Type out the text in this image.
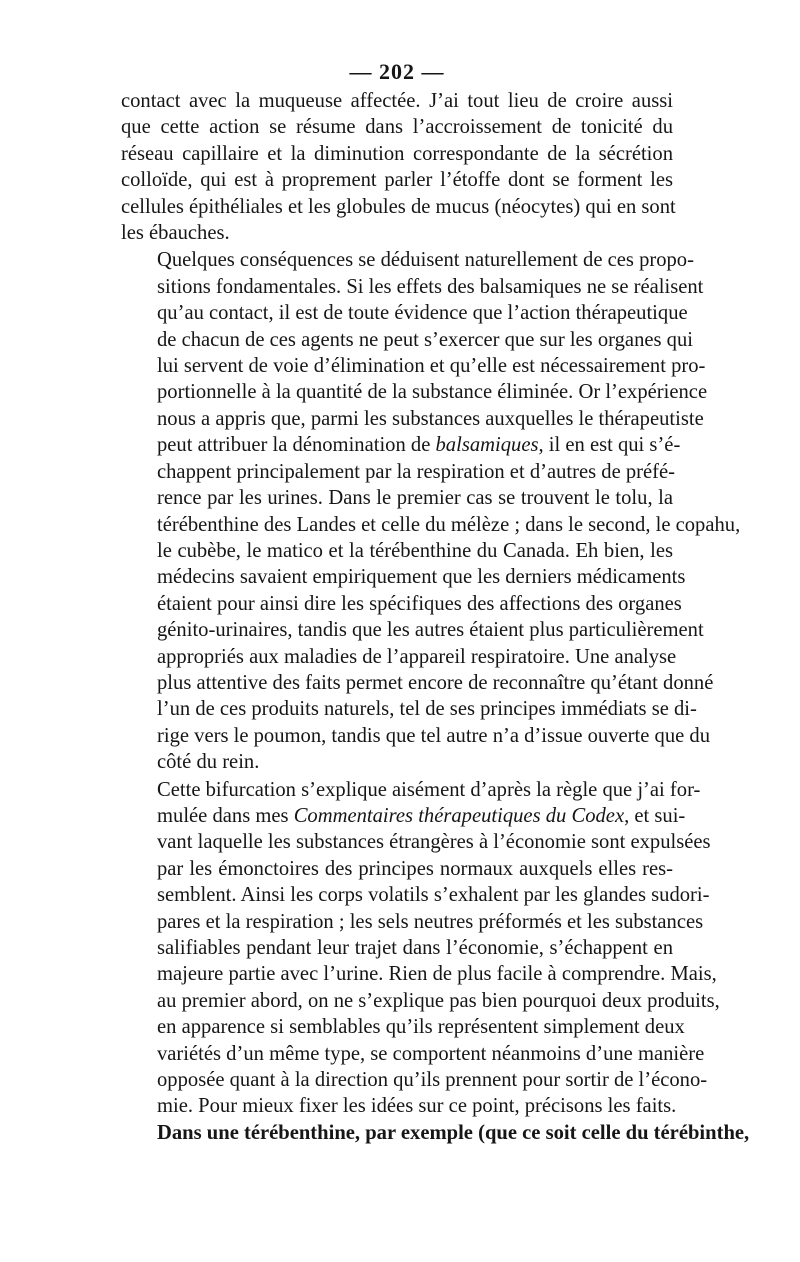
— 202 —

contact avec la muqueuse affectée. J’ai tout lieu de croire aussi
que cette action se résume dans l’accroissement de tonicité du
réseau capillaire et la diminution correspondante de la sécrétion
colloïde, qui est à proprement parler l’étoffe dont se forment les
cellules épithéliales et les globules de mucus (néocytes) qui en sont
les ébauches.

Quelques conséquences se déduisent naturellement de ces propo-
sitions fondamentales. Si les effets des balsamiques ne se réalisent
qu’au contact, il est de toute évidence que l’action thérapeutique
de chacun de ces agents ne peut s’exercer que sur les organes qui
lui servent de voie d’élimination et qu’elle est nécessairement pro-
portionnelle à la quantité de la substance éliminée. Or l’expérience
nous a appris que, parmi les substances auxquelles le thérapeutiste
peut attribuer la dénomination de balsamiques, il en est qui s’é-
chappent principalement par la respiration et d’autres de préfé-
rence par les urines. Dans le premier cas se trouvent le tolu, la
térébenthine des Landes et celle du mélèze ; dans le second, le copahu,
le cubèbe, le matico et la térébenthine du Canada. Eh bien, les
médecins savaient empiriquement que les derniers médicaments
étaient pour ainsi dire les spécifiques des affections des organes
génito-urinaires, tandis que les autres étaient plus particulièrement
appropriés aux maladies de l’appareil respiratoire. Une analyse
plus attentive des faits permet encore de reconnaître qu’étant donné
l’un de ces produits naturels, tel de ses principes immédiats se di-
rige vers le poumon, tandis que tel autre n’a d’issue ouverte que du
côté du rein.

Cette bifurcation s’explique aisément d’après la règle que j’ai for-
mulée dans mes Commentaires thérapeutiques du Codex, et sui-
vant laquelle les substances étrangères à l’économie sont expulsées
par les émonctoires des principes normaux auxquels elles res-
semblent. Ainsi les corps volatils s’exhalent par les glandes sudori-
pares et la respiration ; les sels neutres préformés et les substances
salifiables pendant leur trajet dans l’économie, s’échappent en
majeure partie avec l’urine. Rien de plus facile à comprendre. Mais,
au premier abord, on ne s’explique pas bien pourquoi deux produits,
en apparence si semblables qu’ils représentent simplement deux
variétés d’un même type, se comportent néanmoins d’une manière
opposée quant à la direction qu’ils prennent pour sortir de l’écono-
mie. Pour mieux fixer les idées sur ce point, précisons les faits.
Dans une térébenthine, par exemple (que ce soit celle du térébinthe,
